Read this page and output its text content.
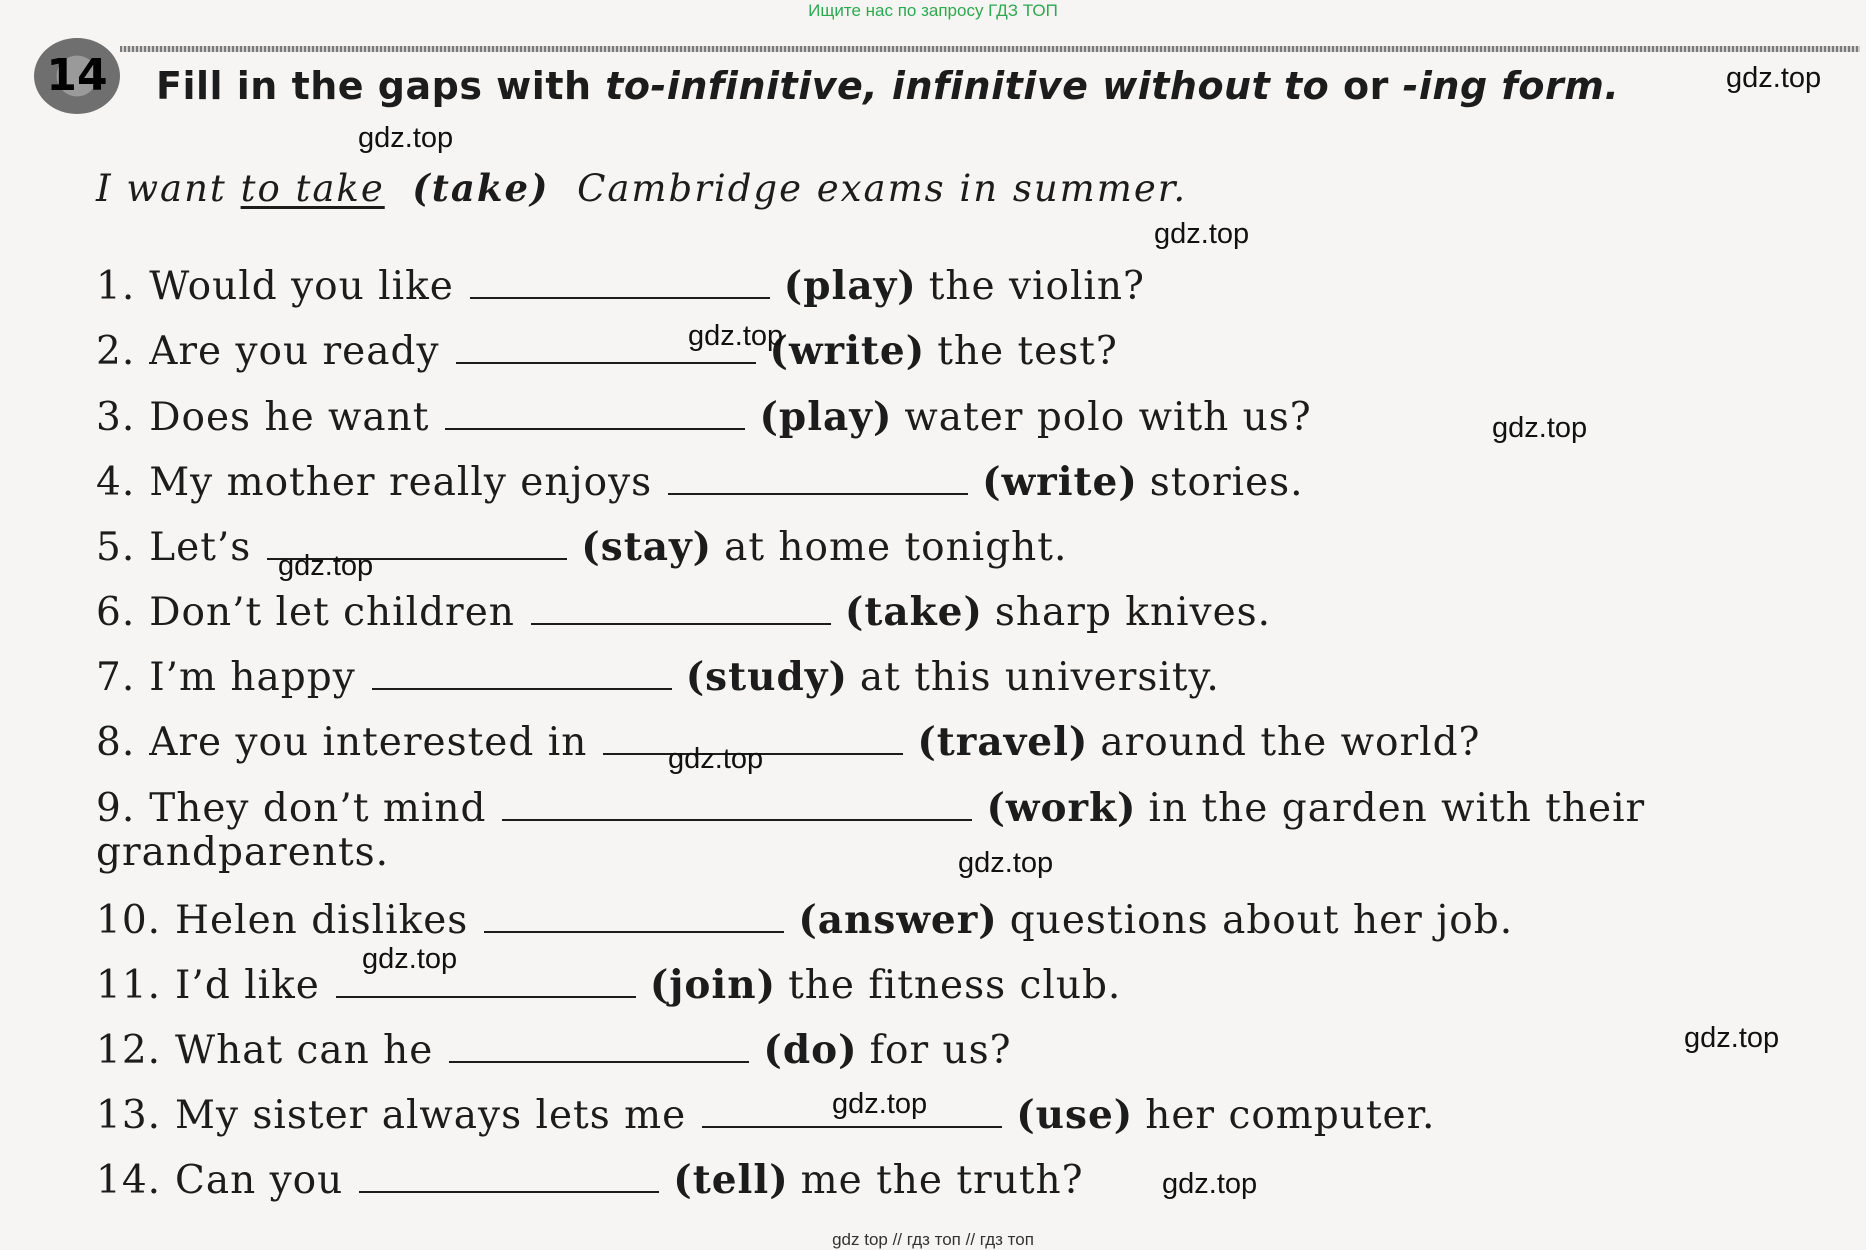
Ищите нас по запросу ГДЗ ТОП
14	Fill in the gaps with to-infinitive, infinitive without to or -ing form.
I want to take (take) Cambridge exams in summer.
1. Would you like	(play) the violin?
2. Are you ready	(write) the test?
3. Does he want	(play) water polo with us?
4. My mother really enjoys	(write) stories.
5. Let’s	(stay) at home tonight.
6. Don’t let children	(take) sharp knives.
7. I’m happy	(study) at this university.
8. Are you interested in	(travel) around the world?
9. They don’t mind	(work) in the garden with their
grandparents.
10. Helen dislikes	(answer) questions about her job.
11. I’d like	(join) the fitness club.
12. What can he	(do) for us?
13. My sister always lets me	(use) her computer.
14. Can you	(tell) me the truth?
gdz.top
gdz.top
gdz.top
gdz.top
gdz.top
gdz.top
gdz.top
gdz.top
gdz.top
gdz.top
gdz.top
gdz.top
gdz top // гдз топ // гдз топ
